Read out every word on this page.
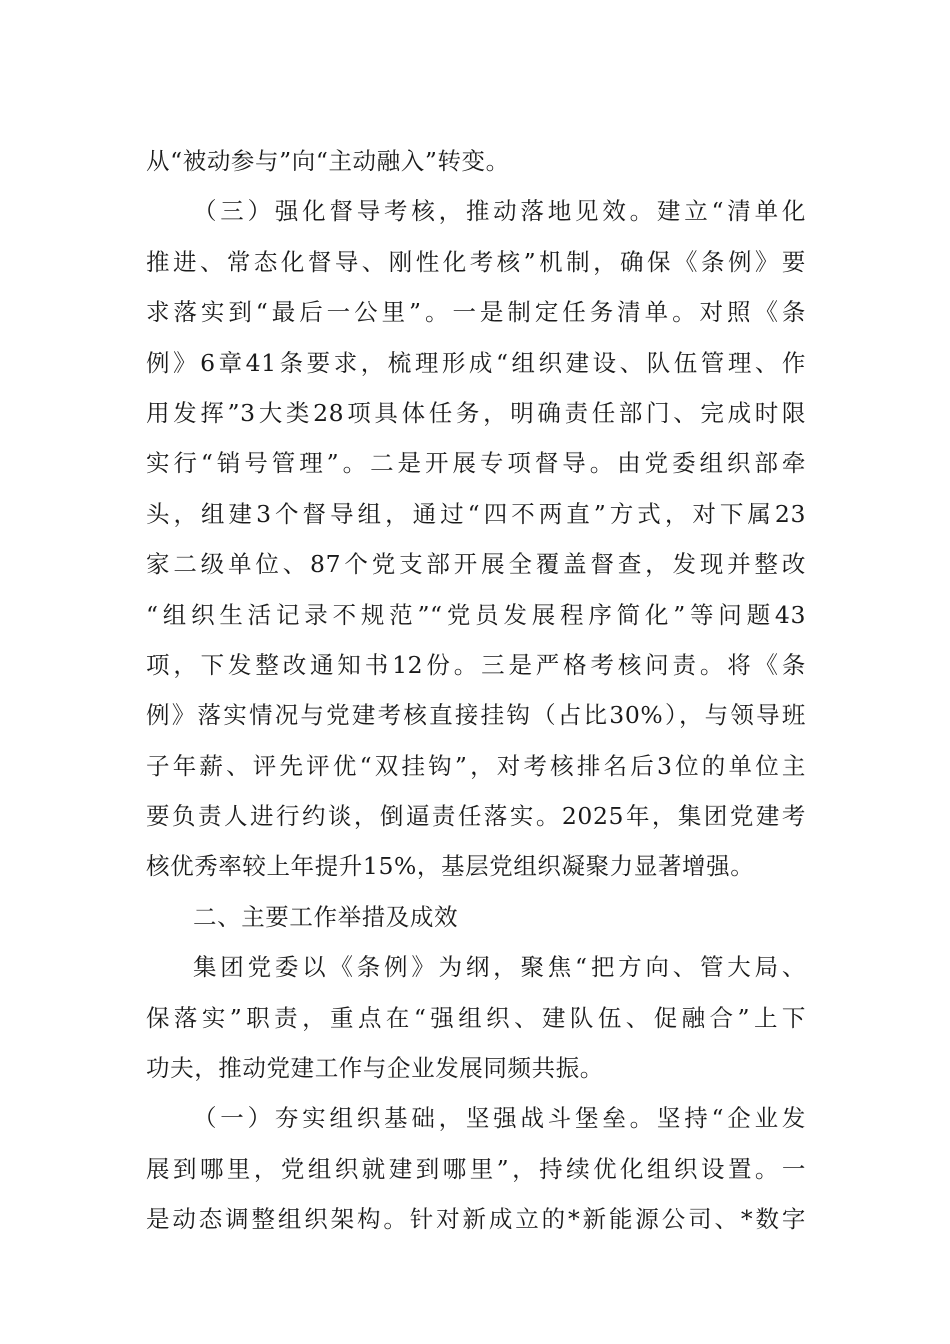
从“被动参与”向“主动融入”转变。
（三）强化督导考核，推动落地见效。建立“清单化
推进、常态化督导、刚性化考核”机制，确保《条例》要
求落实到“最后一公里”。一是制定任务清单。对照《条
例》6章41条要求，梳理形成“组织建设、队伍管理、作
用发挥”3大类28项具体任务，明确责任部门、完成时限
实行“销号管理”。二是开展专项督导。由党委组织部牵
头，组建3个督导组，通过“四不两直”方式，对下属23
家二级单位、87个党支部开展全覆盖督查，发现并整改
“组织生活记录不规范”“党员发展程序简化”等问题43
项，下发整改通知书12份。三是严格考核问责。将《条
例》落实情况与党建考核直接挂钩（占比30%），与领导班
子年薪、评先评优“双挂钩”，对考核排名后3位的单位主
要负责人进行约谈，倒逼责任落实。2025年，集团党建考
核优秀率较上年提升15%，基层党组织凝聚力显著增强。
二、主要工作举措及成效
集团党委以《条例》为纲，聚焦“把方向、管大局、
保落实”职责，重点在“强组织、建队伍、促融合”上下
功夫，推动党建工作与企业发展同频共振。
（一）夯实组织基础，坚强战斗堡垒。坚持“企业发
展到哪里，党组织就建到哪里”，持续优化组织设置。一
是动态调整组织架构。针对新成立的*新能源公司、*数字
